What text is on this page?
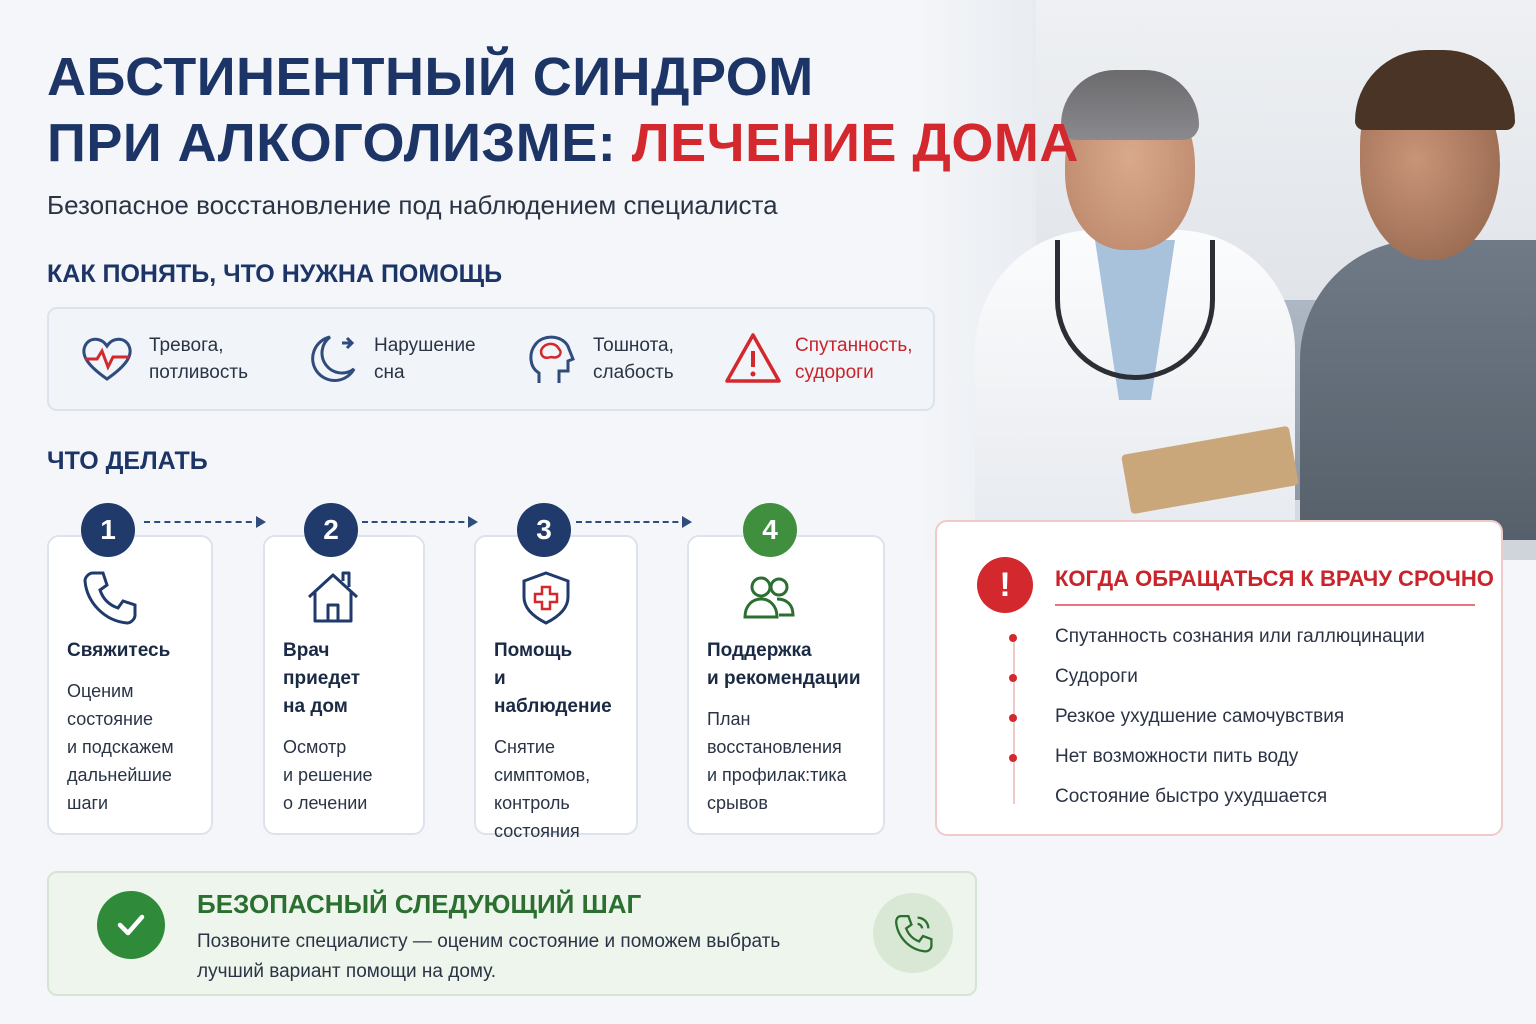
АБСТИНЕНТНЫЙ СИНДРОМ
ПРИ АЛКОГОЛИЗМЕ: ЛЕЧЕНИЕ ДОМА
Безопасное восстановление под наблюдением специалиста
КАК ПОНЯТЬ, ЧТО НУЖНА ПОМОЩЬ
Тревога,
потливость
Нарушение
сна
Тошнота,
слабость
Спутанность,
судороги
ЧТО ДЕЛАТЬ
Свяжитесь
Оценим
состояние
и подскажем
дальнейшие
шаги
Врач приедет
на дом
Осмотр
и решение
о лечении
Помощь
и наблюдение
Снятие
симптомов,
контроль
состояния
Поддержка
и рекомендации
План
восстановления
и профилак:тика
срывов
1	2	3	4
!	КОГДА ОБРАЩАТЬСЯ К ВРАЧУ СРОЧНО
Спутанность сознания или галлюцинации
Судороги
Резкое ухудшение самочувствия
Нет возможности пить воду
Состояние быстро ухудшается
БЕЗОПАСНЫЙ СЛЕДУЮЩИЙ ШАГ
Позвоните специалисту — оценим состояние и поможем выбрать лучший вариант помощи на дому.
